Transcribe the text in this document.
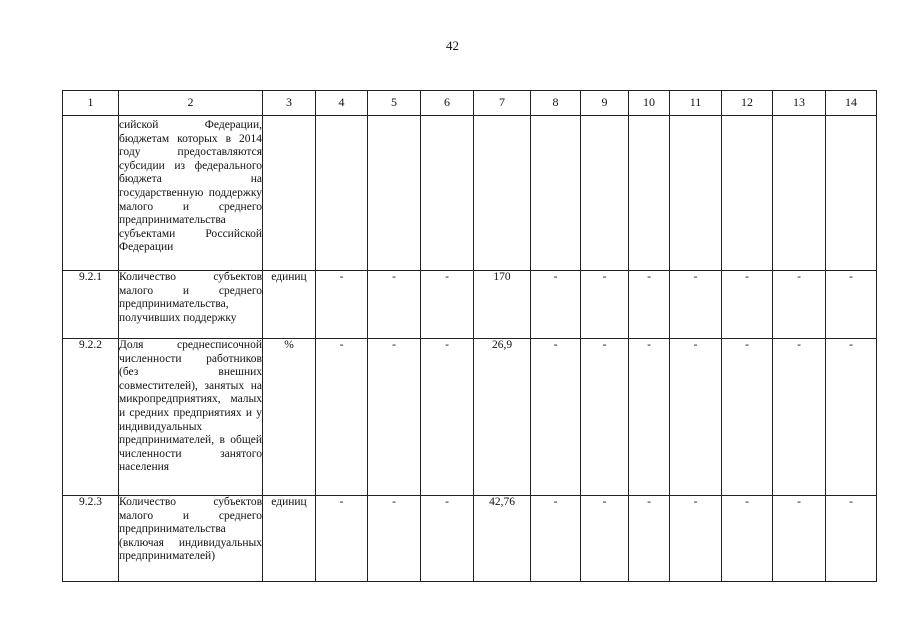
42
1	2	3	4	5	6	7	8	9	10	11	12	13	14
	сийской Федерации, бюджетам которых в 2014 году предоставляются субсидии из федерального бюджета на государственную поддержку малого и среднего предпринимательства субъектами Российской Федерации												
9.2.1	Количество субъектов малого и среднего предпринимательства, получивших поддержку	единиц	-	-	-	170	-	-	-	-	-	-	-
9.2.2	Доля среднесписочной численности работников (без внешних совместителей), занятых на микропредприятиях, малых и средних предприятиях и у индивидуальных предпринимателей, в общей численности занятого населения	%	-	-	-	26,9	-	-	-	-	-	-	-
9.2.3	Количество субъектов малого и среднего предпринимательства (включая индивидуальных предпринимателей)	единиц	-	-	-	42,76	-	-	-	-	-	-	-
